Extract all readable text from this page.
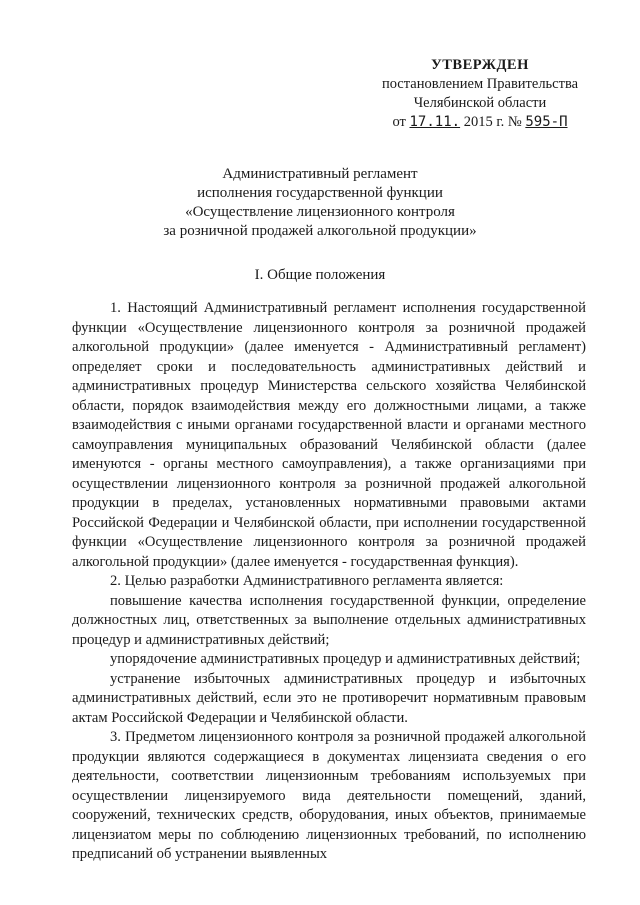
УТВЕРЖДЕН
постановлением Правительства
Челябинской области
от 17.11. 2015 г. № 595-П
Административный регламент
исполнения государственной функции
«Осуществление лицензионного контроля
за розничной продажей алкогольной продукции»
I. Общие положения

1. Настоящий Административный регламент исполнения государственной функции «Осуществление лицензионного контроля за розничной продажей алкогольной продукции» (далее именуется - Административный регламент) определяет сроки и последовательность административных действий и административных процедур Министерства сельского хозяйства Челябинской области, порядок взаимодействия между его должностными лицами, а также взаимодействия с иными органами государственной власти и органами местного самоуправления муниципальных образований Челябинской области (далее именуются - органы местного самоуправления), а также организациями при осуществлении лицензионного контроля за розничной продажей алкогольной продукции в пределах, установленных нормативными правовыми актами Российской Федерации и Челябинской области, при исполнении государственной функции «Осуществление лицензионного контроля за розничной продажей алкогольной продукции» (далее именуется - государственная функция).

2. Целью разработки Административного регламента является:

повышение качества исполнения государственной функции, определение должностных лиц, ответственных за выполнение отдельных административных процедур и административных действий;

упорядочение административных процедур и административных действий;

устранение избыточных административных процедур и избыточных административных действий, если это не противоречит нормативным правовым актам Российской Федерации и Челябинской области.

3. Предметом лицензионного контроля за розничной продажей алкогольной продукции являются содержащиеся в документах лицензиата сведения о его деятельности, соответствии лицензионным требованиям используемых при осуществлении лицензируемого вида деятельности помещений, зданий, сооружений, технических средств, оборудования, иных объектов, принимаемые лицензиатом меры по соблюдению лицензионных требований, по исполнению предписаний об устранении выявленных
